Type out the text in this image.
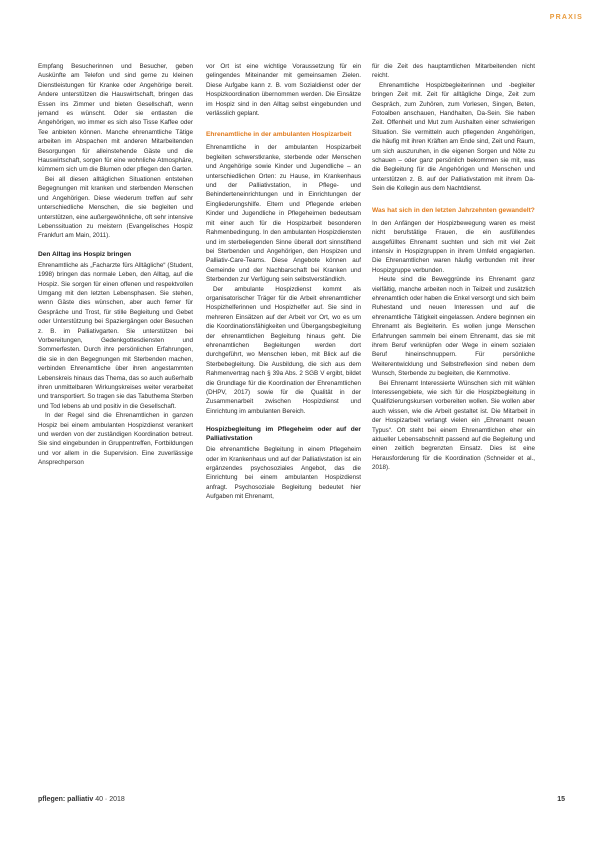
PRAXIS

Empfang Besucherinnen und Besucher, geben Auskünfte am Telefon und sind gerne zu kleinen Dienstleistungen für Kranke oder Angehörige bereit. Andere unterstützen die Hauswirtschaft, bringen das Essen ins Zimmer und bieten Gesellschaft, wenn jemand es wünscht. Oder sie entlasten die Angehörigen, wo immer es sich also Tisse Kaffee oder Tee anbieten können. Manche ehrenamtliche Tätige arbeiten im Abspachen mit anderen Mitarbeitenden Besorgungen für alleinstehende Gäste und die Hauswirtschaft, sorgen für eine wohnliche Atmosphäre, kümmern sich um die Blumen oder pflegen den Garten.

Bei all diesen alltäglichen Situationen entstehen Begegnungen mit kranken und sterbenden Menschen und Angehörigen. Diese wiederum treffen auf sehr unterschiedliche Menschen, die sie begleiten und unterstützen, eine außergewöhnliche, oft sehr intensive Lebenssituation zu meistern (Evangelisches Hospiz Frankfurt am Main, 2011).

Den Alltag ins Hospiz bringen

Ehrenamtliche als „Facharzte fürs Alltägliche“ (Student, 1998) bringen das normale Leben, den Alltag, auf die Hospiz. Sie sorgen für einen offenen und respektvollen Umgang mit den letzten Lebensphasen. Sie stehen, wenn Gäste dies wünschen, aber auch ferner für Gespräche und Trost, für stille Begleitung und Gebet oder Unterstützung bei Spaziergängen oder Besuchen z. B. im Palliativgarten. Sie unterstützen bei Vorbereitungen, Gedenkgottesdiensten und Sommerfesten. Durch ihre persönlichen Erfahrungen, die sie in den Begegnungen mit Sterbenden machen, verbinden Ehrenamtliche über ihren angestammten Lebenskreis hinaus das Thema, das so auch außerhalb ihren unmittelbaren Wirkungskreises weiter verarbeitet und transportiert. So tragen sie das Tabuthema Sterben und Tod lebens ab und positiv in die Gesellschaft.

In der Regel sind die Ehrenamtlichen in ganzen Hospiz bei einem ambulanten Hospizdienst verankert und werden von der zuständigen Koordination betreut. Sie sind eingebunden in Gruppentreffen, Fortbildungen und vor allem in die Supervision. Eine zuverlässige Ansprechperson

vor Ort ist eine wichtige Voraussetzung für ein gelingendes Miteinander mit gemeinsamen Zielen. Diese Aufgabe kann z. B. vom Sozialdienst oder der Hospizkoordination übernommen werden. Die Einsätze im Hospiz sind in den Alltag selbst eingebunden und verlässlich geplant.

Ehrenamtliche in der ambulanten Hospizarbeit

Ehrenamtliche in der ambulanten Hospizarbeit begleiten schwerstkranke, sterbende oder Menschen und Angehörige sowie Kinder und Jugendliche – an unterschiedlichen Orten: zu Hause, im Krankenhaus und der Palliativstation, in Pflege- und Behinderteneinrichtungen und in Einrichtungen der Eingliederungshilfe. Eltern und Pflegende erleben Kinder und Jugendliche in Pflegeheimen bedeutsam mit einer auch für die Hospizarbeit besonderen Rahmenbedingung. In den ambulanten Hospizdiensten und im sterbeliegenden Sinne überall dort sinnstiftend bei Sterbenden und Angehörigen, den Hospizen und Palliativ-Care-Teams. Diese Angebote können auf Gemeinde und der Nachbarschaft bei Kranken und Sterbenden zur Verfügung sein selbstverständlich.

Der ambulante Hospizdienst kommt als organisatorischer Träger für die Arbeit ehrenamtlicher Hospizhelferinnen und Hospizhelfer auf. Sie sind in mehreren Einsätzen auf der Arbeit vor Ort, wo es um die Koordinationsfähigkeiten und Übergangsbegleitung der ehrenamtlichen Begleitung hinaus geht. Die ehrenamtlichen Begleitungen werden dort durchgeführt, wo Menschen leben, mit Blick auf die Sterbebegleitung. Die Ausbildung, die sich aus dem Rahmenvertrag nach § 39a Abs. 2 SGB V ergibt, bildet die Grundlage für die Koordination der Ehrenamtlichen (DHPV, 2017) sowie für die Qualität in der Zusammenarbeit zwischen Hospizdienst und Einrichtung im ambulanten Bereich.

Hospizbegleitung im Pflegeheim oder auf der Palliativstation

Die ehrenamtliche Begleitung in einem Pflegeheim oder im Krankenhaus und auf der Palliativstation ist ein ergänzendes psychosoziales Angebot, das die Einrichtung bei einem ambulanten Hospizdienst anfragt. Psychosoziale Begleitung bedeutet hier Aufgaben mit Ehrenamt,

für die Zeit des hauptamtlichen Mitarbeitenden nicht reicht.

Ehrenamtliche Hospizbegleiterinnen und -begleiter bringen Zeit mit. Zeit für alltägliche Dinge, Zeit zum Gespräch, zum Zuhören, zum Vorlesen, Singen, Beten, Fotoalben anschauen, Handhalten, Da-Sein. Sie haben Zeit. Offenheit und Mut zum Aushalten einer schwierigen Situation. Sie vermitteln auch pflegenden Angehörigen, die häufig mit ihren Kräften am Ende sind, Zeit und Raum, um sich auszuruhen, in die eigenen Sorgen und Nöte zu schauen – oder ganz persönlich bekommen sie mit, was die Begleitung für die Angehörigen und Menschen und unterstützen z. B. auf der Palliativstation mit ihrem Da-Sein die Kollegin aus dem Nachtdienst.

Was hat sich in den letzten Jahrzehnten gewandelt?

In den Anfängen der Hospizbewegung waren es meist nicht berufstätige Frauen, die ein ausfüllendes ausgefülltes Ehrenamt suchten und sich mit viel Zeit intensiv in Hospizgruppen in ihrem Umfeld engagierten. Die Ehrenamtlichen waren häufig verbunden mit ihrer Hospizgruppe verbunden.

Heute sind die Beweggründe ins Ehrenamt ganz vielfältig, manche arbeiten noch in Teilzeit und zusätzlich ehrenamtlich oder haben die Enkel versorgt und sich beim Ruhestand und neuen Interessen und auf die ehrenamtliche Tätigkeit eingelassen. Andere beginnen ein Ehrenamt als Begleiterin. Es wollen junge Menschen Erfahrungen sammeln bei einem Ehrenamt, das sie mit ihrem Beruf verknüpfen oder Wege in einem sozialen Beruf hineinschnuppern. Für persönliche Weiterentwicklung und Selbstreflexion sind neben dem Wunsch, Sterbende zu begleiten, die Kernmotive.

Bei Ehrenamt Interessierte Wünschen sich mit wählen Interessengebiete, wie sich für die Hospizbegleitung in Qualifizierungskursen vorbereiten wollen. Sie wollen aber auch wissen, wie die Arbeit gestaltet ist. Die Mitarbeit in der Hospizarbeit verlangt vielen ein „Ehrenamt neuen Typus“. Oft steht bei einem Ehrenamtlichen eher ein aktueller Lebensabschnitt passend auf die Begleitung und einen zeitlich begrenzten Einsatz. Dies ist eine Herausforderung für die Koordination (Schneider et al., 2018).

pflegen: palliativ 40 · 2018	15
